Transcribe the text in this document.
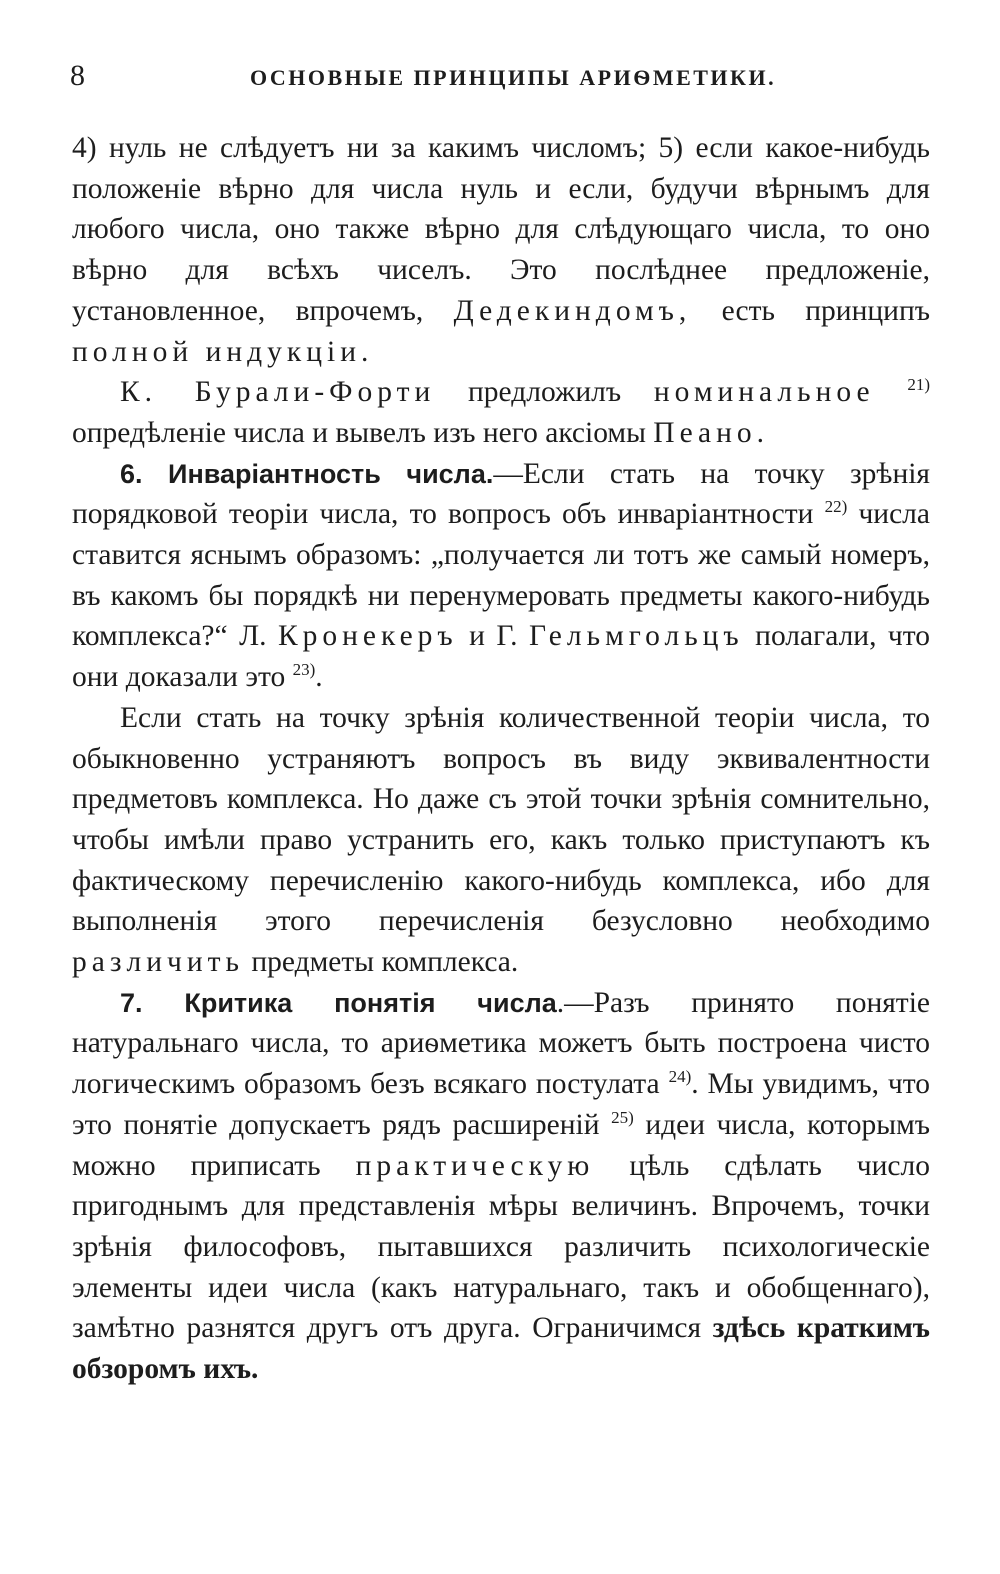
8	ОСНОВНЫЕ ПРИНЦИПЫ АРИѲМЕТИКИ.

4) нуль не слѣдуетъ ни за какимъ числомъ; 5) если какое-нибудь положеніе вѣрно для числа нуль и если, будучи вѣрнымъ для любого числа, оно также вѣрно для слѣдующаго числа, то оно вѣрно для всѣхъ чиселъ. Это послѣднее предложеніе, установленное, впрочемъ, Дедекиндомъ, есть принципъ полной индукціи.

К. Бурали-Форти предложилъ номинальное $^{21)}$ опредѣленіе числа и вывелъ изъ него аксіомы Пеано.

6. Инваріантность числа.—Если стать на точку зрѣнія порядковой теоріи числа, то вопросъ объ инваріантности $^{22)}$ числа ставится яснымъ образомъ: „получается ли тотъ же самый номеръ, въ какомъ бы порядкѣ ни перенумеровать предметы какого-нибудь комплекса?“ Л. Кронекеръ и Г. Гельмгольцъ полагали, что они доказали это $^{23)}$.

Если стать на точку зрѣнія количественной теоріи числа, то обыкновенно устраняютъ вопросъ въ виду эквивалентности предметовъ комплекса. Но даже съ этой точки зрѣнія сомнительно, чтобы имѣли право устранить его, какъ только приступаютъ къ фактическому перечисленію какого-нибудь комплекса, ибо для выполненія этого перечисленія безусловно необходимо различить предметы комплекса.

7. Критика понятія числа.—Разъ принято понятіе натуральнаго числа, то ариѳметика можетъ быть построена чисто логическимъ образомъ безъ всякаго постулата $^{24)}$. Мы увидимъ, что это понятіе допускаетъ рядъ расширеній $^{25)}$ идеи числа, которымъ можно приписать практическую цѣль сдѣлать число пригоднымъ для представленія мѣры величинъ. Впрочемъ, точки зрѣнія философовъ, пытавшихся различить психологическіе элементы идеи числа (какъ натуральнаго, такъ и обобщеннаго), замѣтно разнятся другъ отъ друга. Ограничимся здѣсь краткимъ обзоромъ ихъ.
